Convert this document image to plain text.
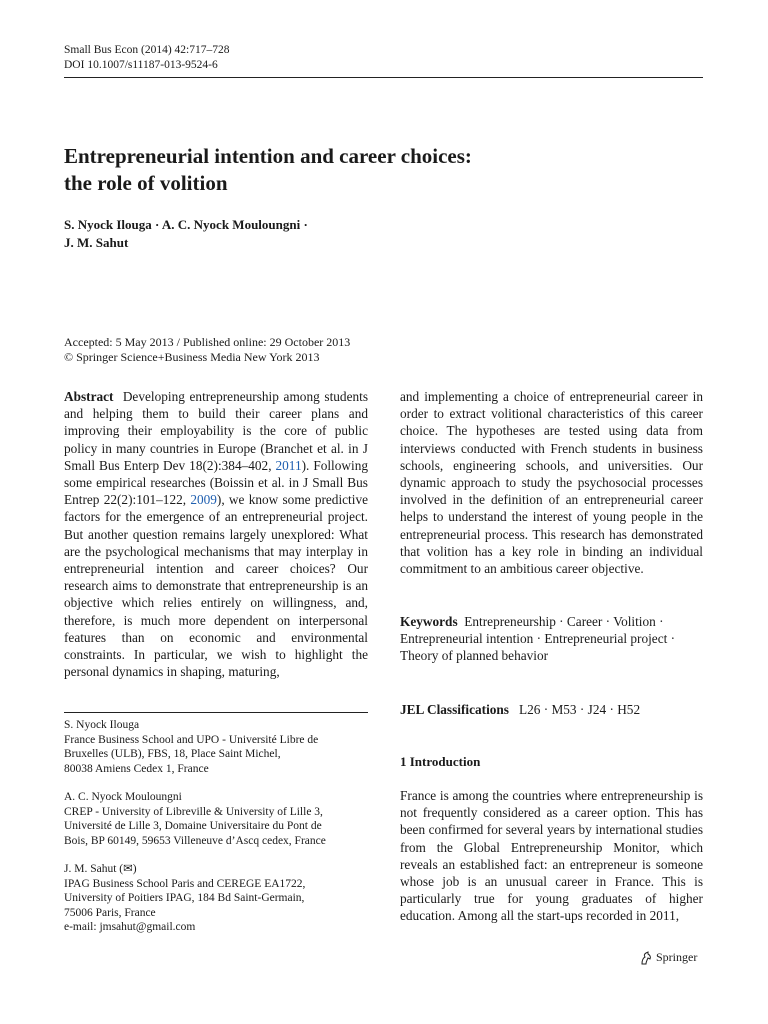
Small Bus Econ (2014) 42:717–728
DOI 10.1007/s11187-013-9524-6
Entrepreneurial intention and career choices:
the role of volition
S. Nyock Ilouga · A. C. Nyock Mouloungni ·
J. M. Sahut
Accepted: 5 May 2013 / Published online: 29 October 2013
© Springer Science+Business Media New York 2013
Abstract Developing entrepreneurship among students and helping them to build their career plans and improving their employability is the core of public policy in many countries in Europe (Branchet et al. in J Small Bus Enterp Dev 18(2):384–402, 2011). Following some empirical researches (Boissin et al. in J Small Bus Entrep 22(2):101–122, 2009), we know some predictive factors for the emergence of an entrepreneurial project. But another question remains largely unexplored: What are the psychological mechanisms that may interplay in entrepreneurial intention and career choices? Our research aims to demonstrate that entrepreneurship is an objective which relies entirely on willingness, and, therefore, is much more dependent on interpersonal features than on economic and environmental constraints. In particular, we wish to highlight the personal dynamics in shaping, maturing,
S. Nyock Ilouga
France Business School and UPO - Université Libre de
Bruxelles (ULB), FBS, 18, Place Saint Michel,
80038 Amiens Cedex 1, France
A. C. Nyock Mouloungni
CREP - University of Libreville & University of Lille 3,
Université de Lille 3, Domaine Universitaire du Pont de
Bois, BP 60149, 59653 Villeneuve d’Ascq cedex, France
J. M. Sahut (✉)
IPAG Business School Paris and CEREGE EA1722,
University of Poitiers IPAG, 184 Bd Saint-Germain,
75006 Paris, France
e-mail: jmsahut@gmail.com
and implementing a choice of entrepreneurial career in order to extract volitional characteristics of this career choice. The hypotheses are tested using data from interviews conducted with French students in business schools, engineering schools, and universities. Our dynamic approach to study the psychosocial processes involved in the definition of an entrepreneurial career helps to understand the interest of young people in the entrepreneurial process. This research has demonstrated that volition has a key role in binding an individual commitment to an ambitious career objective.
Keywords Entrepreneurship · Career · Volition · Entrepreneurial intention · Entrepreneurial project · Theory of planned behavior
JEL Classifications L26 · M53 · J24 · H52
1 Introduction
France is among the countries where entrepreneurship is not frequently considered as a career option. This has been confirmed for several years by international studies from the Global Entrepreneurship Monitor, which reveals an established fact: an entrepreneur is someone whose job is an unusual career in France. This is particularly true for young graduates of higher education. Among all the start-ups recorded in 2011,
Springer
